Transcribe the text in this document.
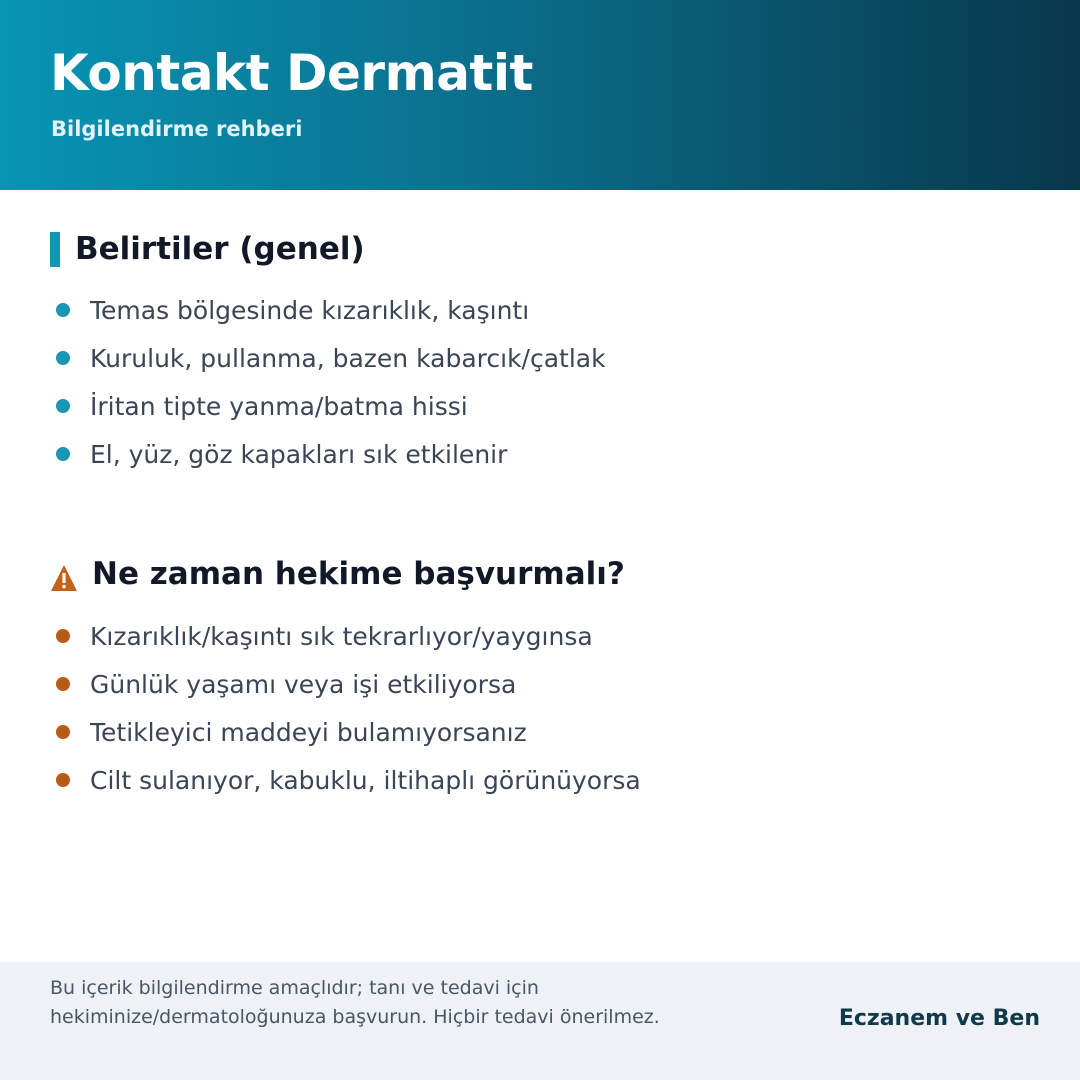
Kontakt Dermatit
Bilgilendirme rehberi
Belirtiler (genel)
Temas bölgesinde kızarıklık, kaşıntı
Kuruluk, pullanma, bazen kabarcık/çatlak
İritan tipte yanma/batma hissi
El, yüz, göz kapakları sık etkilenir
Ne zaman hekime başvurmalı?
Kızarıklık/kaşıntı sık tekrarlıyor/yaygınsa
Günlük yaşamı veya işi etkiliyorsa
Tetikleyici maddeyi bulamıyorsanız
Cilt sulanıyor, kabuklu, iltihaplı görünüyorsa
Bu içerik bilgilendirme amaçlıdır; tanı ve tedavi için hekiminize/dermatoloğunuza başvurun. Hiçbir tedavi önerilmez.	Eczanem ve Ben
